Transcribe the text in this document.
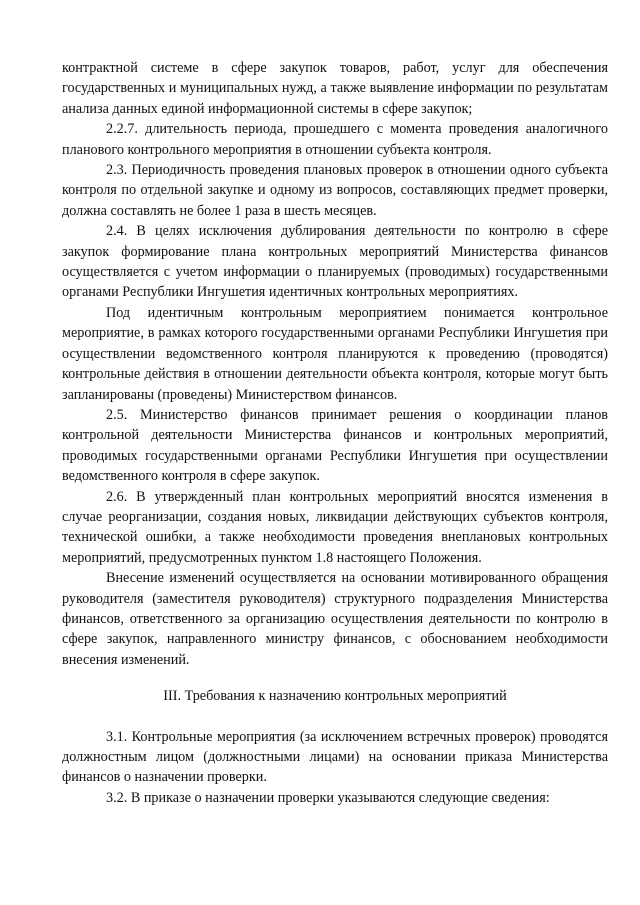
контрактной системе в сфере закупок товаров, работ, услуг для обеспечения государственных и муниципальных нужд, а также выявление информации по результатам анализа данных единой информационной системы в сфере закупок;

2.2.7. длительность периода, прошедшего с момента проведения аналогичного планового контрольного мероприятия в отношении субъекта контроля.

2.3. Периодичность проведения плановых проверок в отношении одного субъекта контроля по отдельной закупке и одному из вопросов, составляющих предмет проверки, должна составлять не более 1 раза в шесть месяцев.

2.4. В целях исключения дублирования деятельности по контролю в сфере закупок формирование плана контрольных мероприятий Министерства финансов осуществляется с учетом информации о планируемых (проводимых) государственными органами Республики Ингушетия идентичных контрольных мероприятиях.

Под идентичным контрольным мероприятием понимается контрольное мероприятие, в рамках которого государственными органами Республики Ингушетия при осуществлении ведомственного контроля планируются к проведению (проводятся) контрольные действия в отношении деятельности объекта контроля, которые могут быть запланированы (проведены) Министерством финансов.

2.5. Министерство финансов принимает решения о координации планов контрольной деятельности Министерства финансов и контрольных мероприятий, проводимых государственными органами Республики Ингушетия при осуществлении ведомственного контроля в сфере закупок.

2.6. В утвержденный план контрольных мероприятий вносятся изменения в случае реорганизации, создания новых, ликвидации действующих субъектов контроля, технической ошибки, а также необходимости проведения внеплановых контрольных мероприятий, предусмотренных пунктом 1.8 настоящего Положения.

Внесение изменений осуществляется на основании мотивированного обращения руководителя (заместителя руководителя) структурного подразделения Министерства финансов, ответственного за организацию осуществления деятельности по контролю в сфере закупок, направленного министру финансов, с обоснованием необходимости внесения изменений.

III. Требования к назначению контрольных мероприятий

3.1. Контрольные мероприятия (за исключением встречных проверок) проводятся должностным лицом (должностными лицами) на основании приказа Министерства финансов о назначении проверки.

3.2. В приказе о назначении проверки указываются следующие сведения:
